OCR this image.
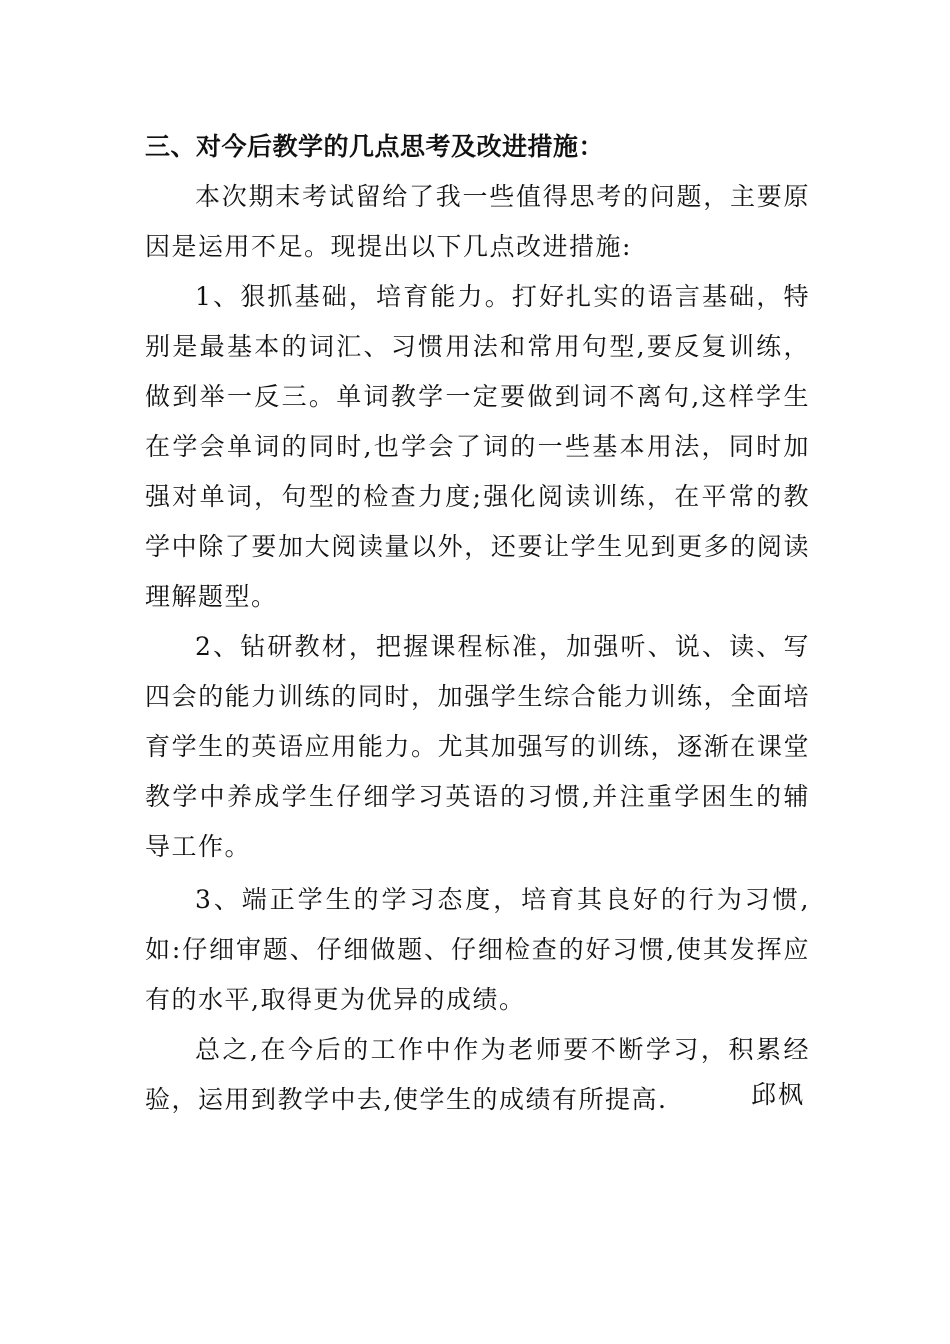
三、对今后教学的几点思考及改进措施：

本次期末考试留给了我一些值得思考的问题，主要原因是运用不足。现提出以下几点改进措施:

1、狠抓基础，培育能力。打好扎实的语言基础，特别是最基本的词汇、习惯用法和常用句型,要反复训练，做到举一反三。单词教学一定要做到词不离句,这样学生在学会单词的同时,也学会了词的一些基本用法，同时加强对单词，句型的检查力度;强化阅读训练，在平常的教学中除了要加大阅读量以外，还要让学生见到更多的阅读理解题型。

2、钻研教材，把握课程标准，加强听、说、读、写四会的能力训练的同时，加强学生综合能力训练，全面培育学生的英语应用能力。尤其加强写的训练，逐渐在课堂教学中养成学生仔细学习英语的习惯,并注重学困生的辅导工作。

3、端正学生的学习态度，培育其良好的行为习惯,如:仔细审题、仔细做题、仔细检查的好习惯,使其发挥应有的水平,取得更为优异的成绩。

总之,在今后的工作中作为老师要不断学习，积累经验，运用到教学中去,使学生的成绩有所提高.	邱枫
